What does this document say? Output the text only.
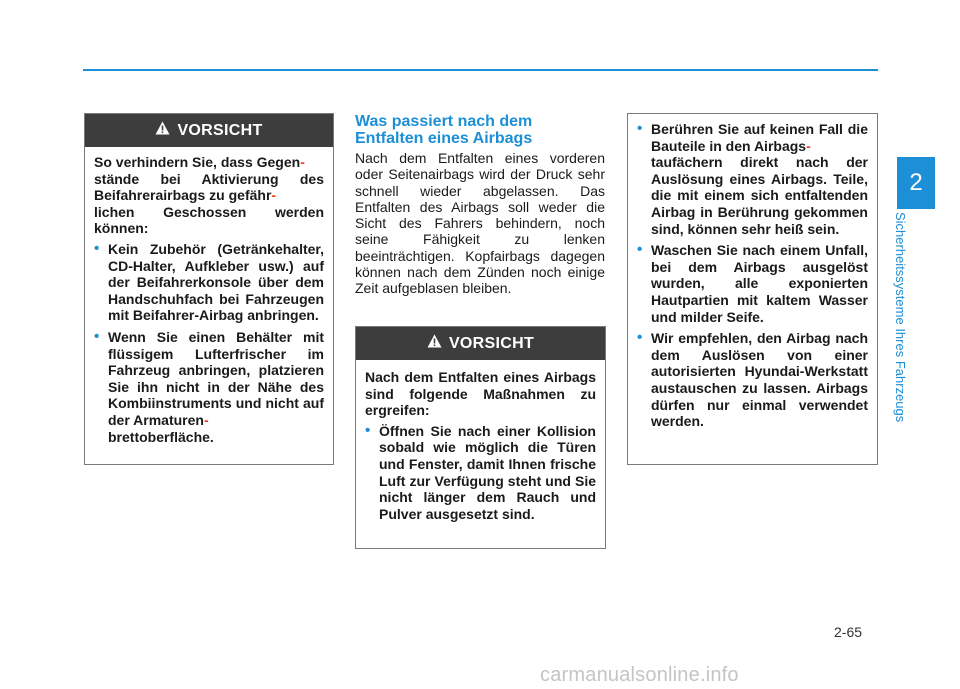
VORSICHT

So verhindern Sie, dass Gegen-
stände bei Aktivierung des Beifahrerairbags zu gefähr-
lichen Geschossen werden können:

• Kein Zubehör (Getränkehalter, CD-Halter, Aufkleber usw.) auf der Beifahrerkonsole über dem Handschuhfach bei Fahrzeugen mit Beifahrer-Airbag anbringen.
• Wenn Sie einen Behälter mit flüssigem Lufterfrischer im Fahrzeug anbringen, platzieren Sie ihn nicht in der Nähe des Kombiinstruments und nicht auf der Armaturen-
brettoberfläche.
Was passiert nach dem
Entfalten eines Airbags

Nach dem Entfalten eines vorderen oder Seitenairbags wird der Druck sehr schnell wieder abgelassen. Das Entfalten des Airbags soll weder die Sicht des Fahrers behindern, noch seine Fähigkeit zu lenken beeinträchtigen. Kopfairbags dagegen können nach dem Zünden noch einige Zeit aufgeblasen bleiben.

VORSICHT

Nach dem Entfalten eines Airbags sind folgende Maßnahmen zu ergreifen:

• Öffnen Sie nach einer Kollision sobald wie möglich die Türen und Fenster, damit Ihnen frische Luft zur Verfügung steht und Sie nicht länger dem Rauch und Pulver ausgesetzt sind.
• Berühren Sie auf keinen Fall die Bauteile in den Airbags-
taufächern direkt nach der Auslösung eines Airbags. Teile, die mit einem sich entfaltenden Airbag in Berührung gekommen sind, können sehr heiß sein.
• Waschen Sie nach einem Unfall, bei dem Airbags ausgelöst wurden, alle exponierten Hautpartien mit kaltem Wasser und milder Seife.
• Wir empfehlen, den Airbag nach dem Auslösen von einer autorisierten Hyundai-Werkstatt austauschen zu lassen. Airbags dürfen nur einmal verwendet werden.
2
Sicherheitssysteme Ihres Fahrzeugs
2-65
carmanualsonline.info
